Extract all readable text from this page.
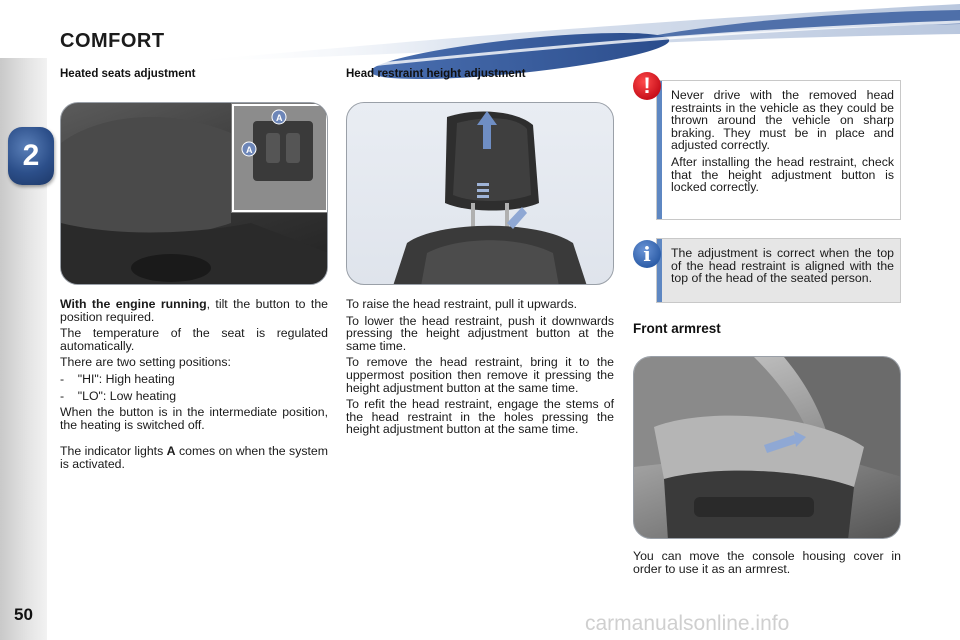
2
50
COMFORT
Heated seats adjustment
A
A

With the engine running, tilt the button to the position required.

The temperature of the seat is regulated automatically.

There are two setting positions:

-    "HI": High heating

-    "LO": Low heating

When the button is in the intermediate position, the heating is switched off.

The indicator lights A comes on when the system is activated.

Head restraint height adjustment

To raise the head restraint, pull it upwards.

To lower the head restraint, push it downwards pressing the height adjustment button at the same time.

To remove the head restraint, bring it to the uppermost position then remove it pressing the height adjustment button at the same time.

To refit the head restraint, engage the stems of the head restraint in the holes pressing the height adjustment button at the same time.

Never drive with the removed head restraints in the vehicle as they could be thrown around the vehicle on sharp braking. They must be in place and adjusted correctly.

After installing the head restraint, check that the height adjustment button is locked correctly.

!

The adjustment is correct when the top of the head restraint is aligned with the top of the head of the seated person.

i
Front armrest

You can move the console housing cover in order to use it as an armrest.

carmanualsonline.info
